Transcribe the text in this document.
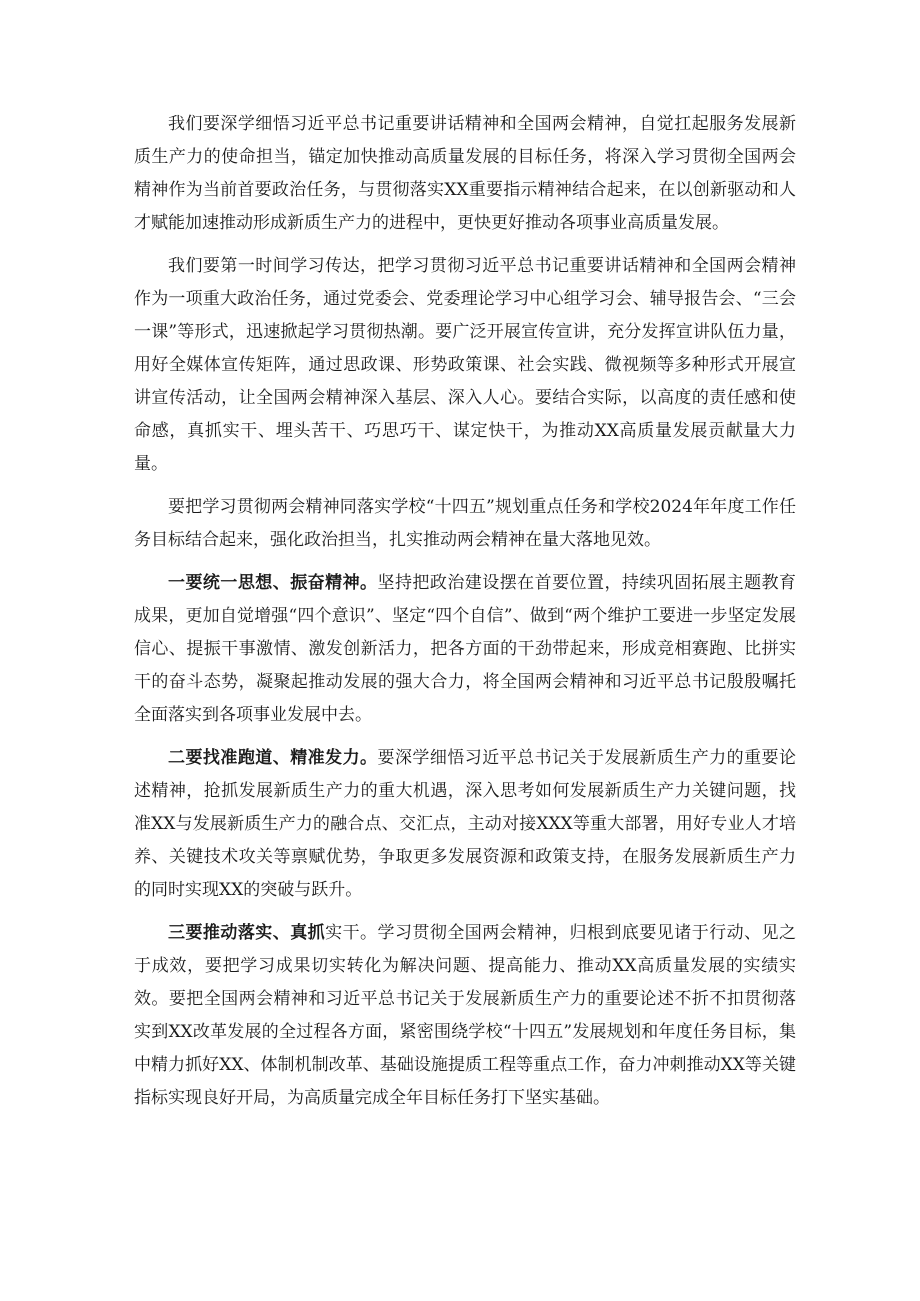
我们要深学细悟习近平总书记重要讲话精神和全国两会精神，自觉扛起服务发展新质生产力的使命担当，锚定加快推动高质量发展的目标任务，将深入学习贯彻全国两会精神作为当前首要政治任务，与贯彻落实XX重要指示精神结合起来，在以创新驱动和人才赋能加速推动形成新质生产力的进程中，更快更好推动各项事业高质量发展。

我们要第一时间学习传达，把学习贯彻习近平总书记重要讲话精神和全国两会精神作为一项重大政治任务，通过党委会、党委理论学习中心组学习会、辅导报告会、“三会一课”等形式，迅速掀起学习贯彻热潮。要广泛开展宣传宣讲，充分发挥宣讲队伍力量，用好全媒体宣传矩阵，通过思政课、形势政策课、社会实践、微视频等多种形式开展宣讲宣传活动，让全国两会精神深入基层、深入人心。要结合实际，以高度的责任感和使命感，真抓实干、埋头苦干、巧思巧干、谋定快干，为推动XX高质量发展贡献量大力量。

要把学习贯彻两会精神同落实学校“十四五”规划重点任务和学校2024年年度工作任务目标结合起来，强化政治担当，扎实推动两会精神在量大落地见效。

一要统一思想、振奋精神。坚持把政治建设摆在首要位置，持续巩固拓展主题教育成果，更加自觉增强“四个意识”、坚定“四个自信”、做到“两个维护工要进一步坚定发展信心、提振干事激情、激发创新活力，把各方面的干劲带起来，形成竞相赛跑、比拼实干的奋斗态势，凝聚起推动发展的强大合力，将全国两会精神和习近平总书记殷殷嘱托全面落实到各项事业发展中去。

二要找准跑道、精准发力。要深学细悟习近平总书记关于发展新质生产力的重要论述精神，抢抓发展新质生产力的重大机遇，深入思考如何发展新质生产力关键问题，找准XX与发展新质生产力的融合点、交汇点，主动对接XXX等重大部署，用好专业人才培养、关键技术攻关等禀赋优势，争取更多发展资源和政策支持，在服务发展新质生产力的同时实现XX的突破与跃升。

三要推动落实、真抓实干。学习贯彻全国两会精神，归根到底要见诸于行动、见之于成效，要把学习成果切实转化为解决问题、提高能力、推动XX高质量发展的实绩实效。要把全国两会精神和习近平总书记关于发展新质生产力的重要论述不折不扣贯彻落实到XX改革发展的全过程各方面，紧密围绕学校“十四五”发展规划和年度任务目标，集中精力抓好XX、体制机制改革、基础设施提质工程等重点工作，奋力冲刺推动XX等关键指标实现良好开局，为高质量完成全年目标任务打下坚实基础。
